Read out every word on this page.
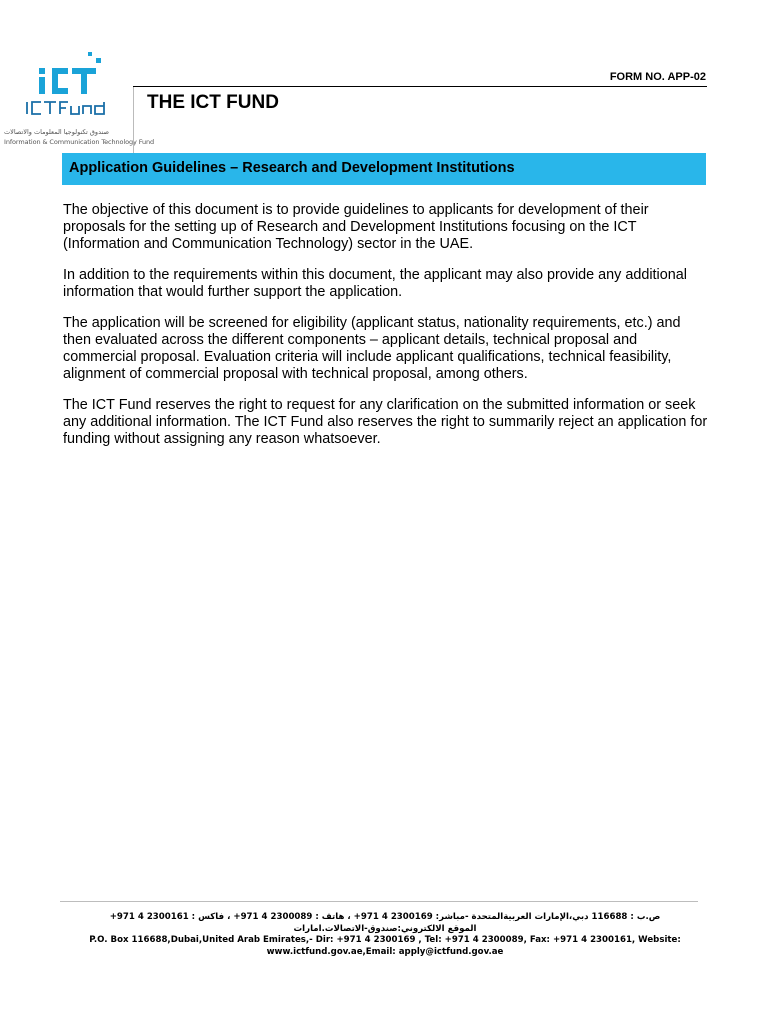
صندوق تكنولوجيا المعلومات والاتصالات
Information & Communication Technology Fund
FORM NO. APP-02
THE ICT FUND
Application Guidelines – Research and Development Institutions

The objective of this document is to provide guidelines to applicants for development of their proposals for the setting up of Research and Development Institutions focusing on the ICT (Information and Communication Technology) sector in the UAE.

In addition to the requirements within this document, the applicant may also provide any additional information that would further support the application.

The application will be screened for eligibility (applicant status, nationality requirements, etc.) and then evaluated across the different components – applicant details, technical proposal and commercial proposal. Evaluation criteria will include applicant qualifications, technical feasibility, alignment of commercial proposal with technical proposal, among others.

The ICT Fund reserves the right to request for any clarification on the submitted information or seek any additional information. The ICT Fund also reserves the right to summarily reject an application for funding without assigning any reason whatsoever.

ص.ب : 116688 دبي،الإمارات العربيةالمتحدة -مباشر: 2300169 4 971+ ، هاتف : 2300089 4 971+ ، فاكس : 2300161 4 971+
الموقع الالكتروني:صندوق-الاتصالات.امارات
P.O. Box 116688,Dubai,United Arab Emirates,- Dir: +971 4 2300169 , Tel: +971 4 2300089, Fax: +971 4 2300161, Website:
www.ictfund.gov.ae,Email: apply@ictfund.gov.ae
